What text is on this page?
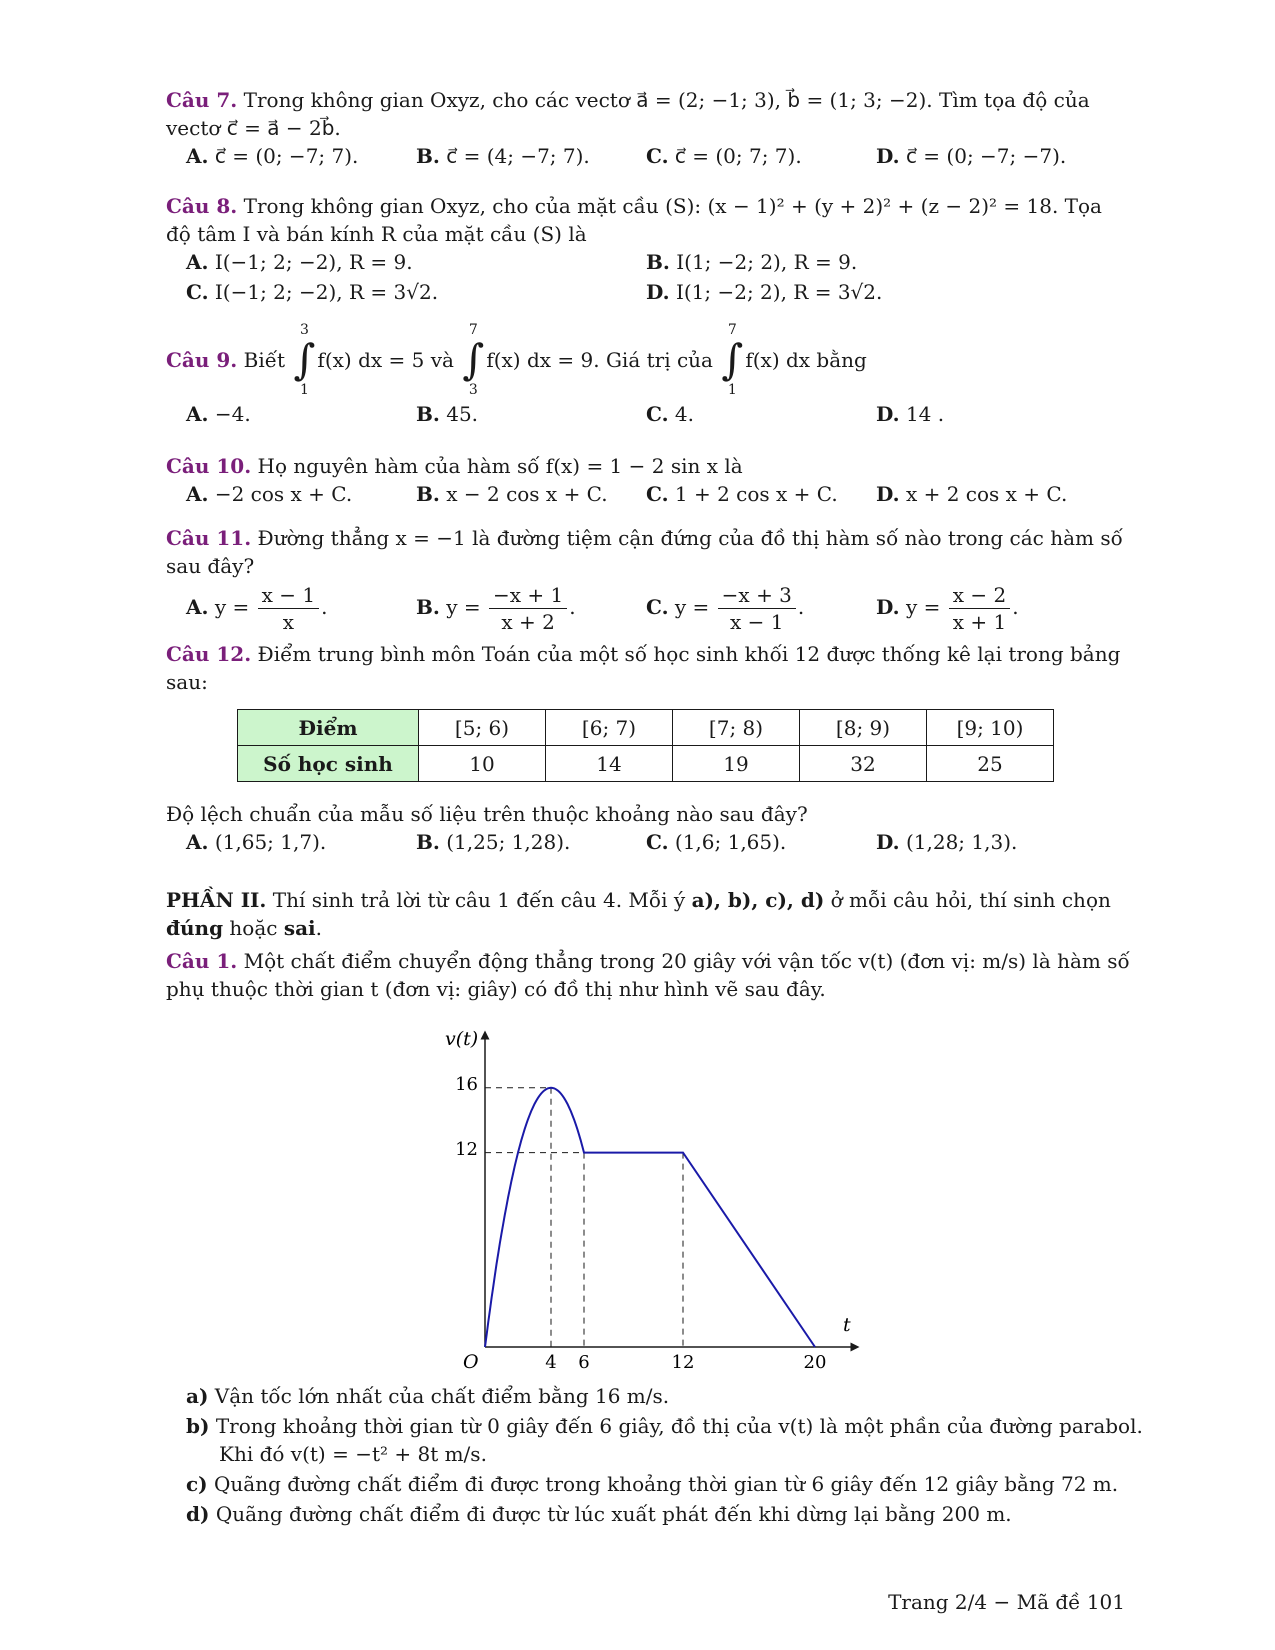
Câu 7. Trong không gian Oxyz, cho các vectơ a⃗ = (2; −1; 3), b⃗ = (1; 3; −2). Tìm tọa độ của
vectơ c⃗ = a⃗ − 2b⃗.
A. c⃗ = (0; −7; 7).	B. c⃗ = (4; −7; 7).	C. c⃗ = (0; 7; 7).	D. c⃗ = (0; −7; −7).
Câu 8. Trong không gian Oxyz, cho của mặt cầu (S): (x − 1)² + (y + 2)² + (z − 2)² = 18. Tọa
độ tâm I và bán kính R của mặt cầu (S) là
A. I(−1; 2; −2), R = 9.	B. I(1; −2; 2), R = 9.
C. I(−1; 2; −2), R = 3√2.	D. I(1; −2; 2), R = 3√2.
Câu 9.
Biết

3
∫
1
f(x) dx = 5
và

7
∫
3
f(x) dx = 9. Giá trị của

7
∫
1
f(x) dx bằng
A. −4.	B. 45.	C. 4.	D. 14 .
Câu 10. Họ nguyên hàm của hàm số f(x) = 1 − 2 sin x là
A. −2 cos x + C.	B. x − 2 cos x + C. C. 1 + 2 cos x + C. D. x + 2 cos x + C.
Câu 11. Đường thẳng x = −1 là đường tiệm cận đứng của đồ thị hàm số nào trong các hàm số
sau đây?
A. $y = \frac{x - 1}{x}$ .	B. $y = \frac{-x + 1}{x + 2}$ .	C. $y = \frac{-x + 3}{x - 1}$ .	D. $y = \frac{x - 2}{x + 1}$ .
Câu 12. Điểm trung bình môn Toán của một số học sinh khối 12 được thống kê lại trong bảng
sau:
Điểm	[5; 6)	[6; 7)	[7; 8)	[8; 9)	[9; 10)
Số học sinh	10	14	19	32	25
Độ lệch chuẩn của mẫu số liệu trên thuộc khoảng nào sau đây?
A. (1,65; 1,7).	B. (1,25; 1,28).	C. (1,6; 1,65).	D. (1,28; 1,3).
PHẦN II. Thí sinh trả lời từ câu 1 đến câu 4. Mỗi ý a), b), c), d) ở mỗi câu hỏi, thí sinh chọn
đúng hoặc sai.
Câu 1. Một chất điểm chuyển động thẳng trong 20 giây với vận tốc v(t) (đơn vị: m/s) là hàm số
phụ thuộc thời gian t (đơn vị: giây) có đồ thị như hình vẽ sau đây.
v(t)
t
O
16
12
4 6	12	20
a) Vận tốc lớn nhất của chất điểm bằng 16 m/s.
b) Trong khoảng thời gian từ 0 giây đến 6 giây, đồ thị của v(t) là một phần của đường parabol.
Khi đó v(t) = −t² + 8t m/s.
c) Quãng đường chất điểm đi được trong khoảng thời gian từ 6 giây đến 12 giây bằng 72 m.
d) Quãng đường chất điểm đi được từ lúc xuất phát đến khi dừng lại bằng 200 m.
Trang 2/4 − Mã đề 101
